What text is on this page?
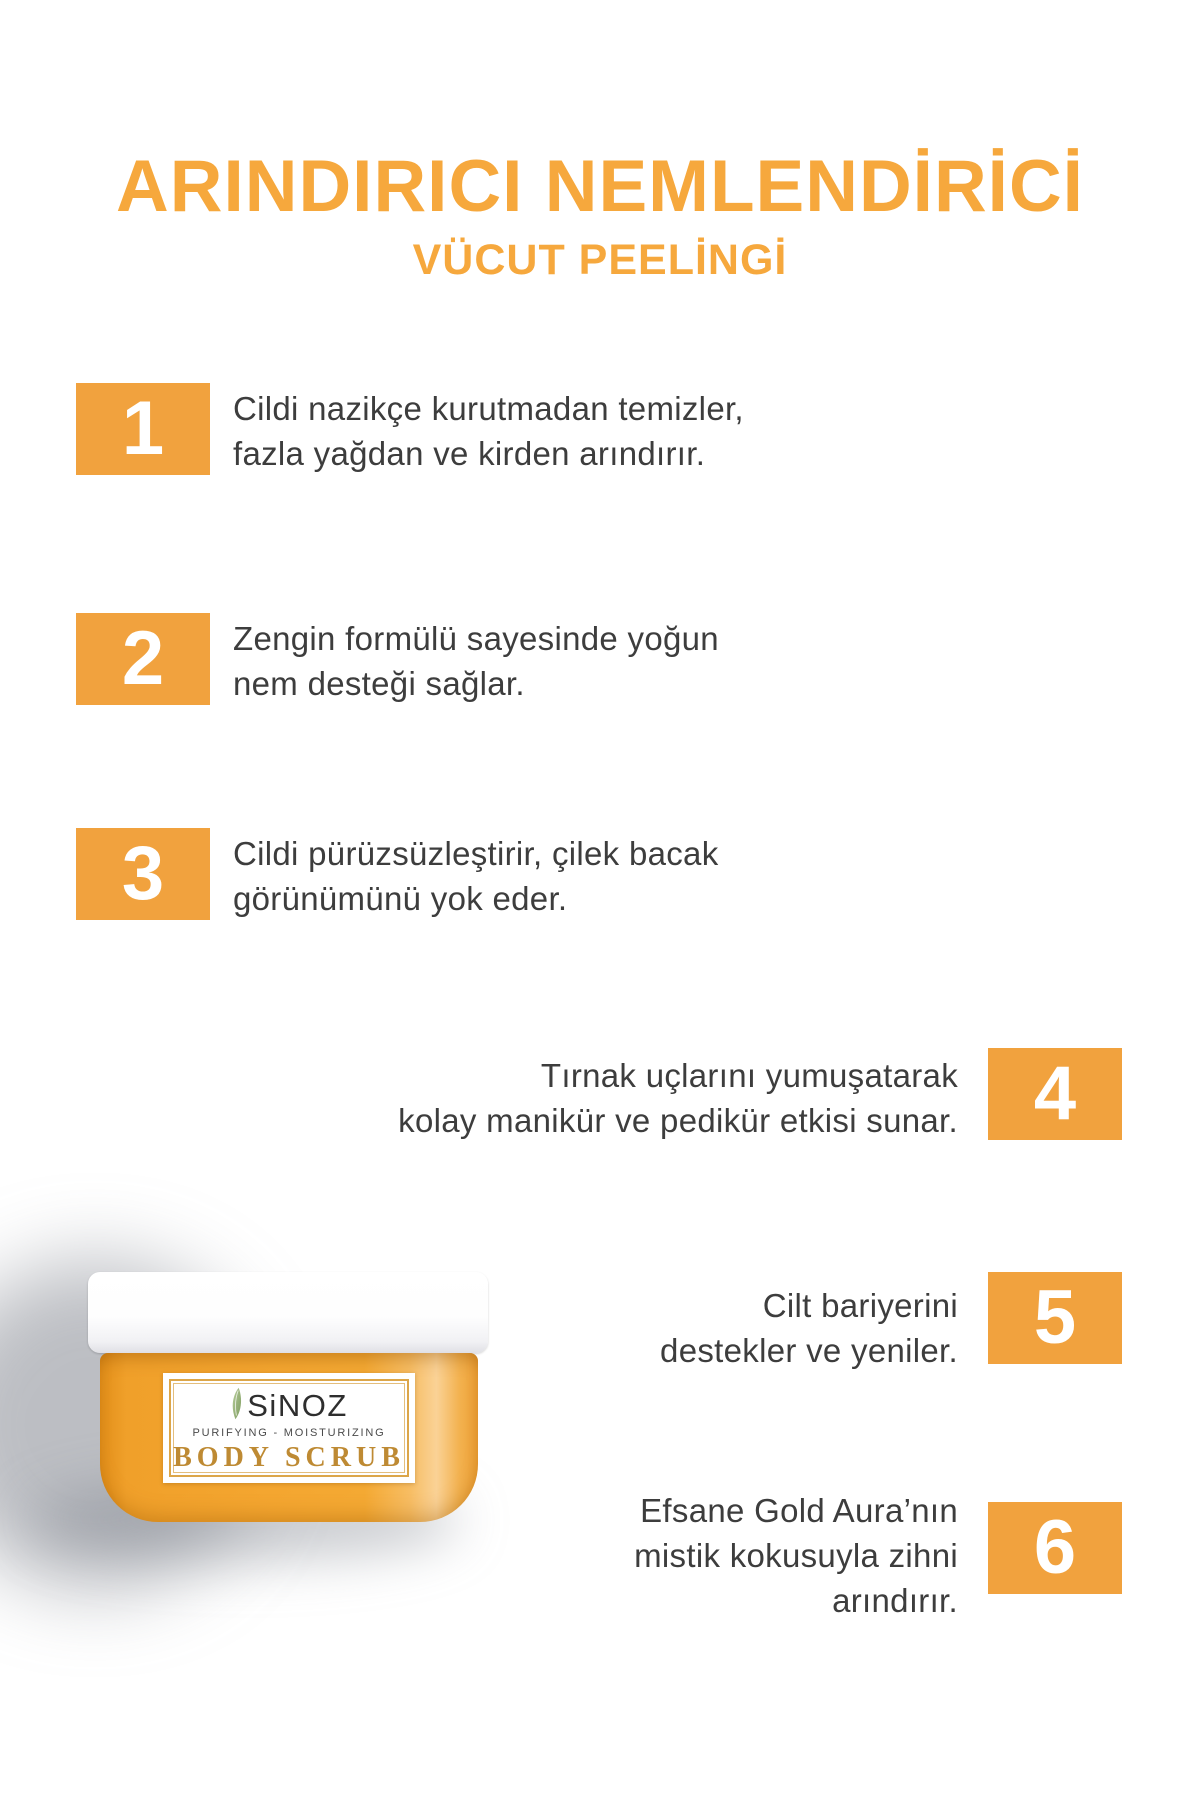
ARINDIRICI NEMLENDİRİCİ
VÜCUT PEELİNGİ
1 Cildi nazikçe kurutmadan temizler,
fazla yağdan ve kirden arındırır.
2 Zengin formülü sayesinde yoğun
nem desteği sağlar.
3 Cildi pürüzsüzleştirir, çilek bacak
görünümünü yok eder.
4
Tırnak uçlarını yumuşatarak
kolay manikür ve pedikür etkisi sunar.
5
Cilt bariyerini
destekler ve yeniler.
6
Efsane Gold Aura’nın
mistik kokusuyla zihni
arındırır.
SiNOZ
PURIFYING - MOISTURIZING
BODY SCRUB
